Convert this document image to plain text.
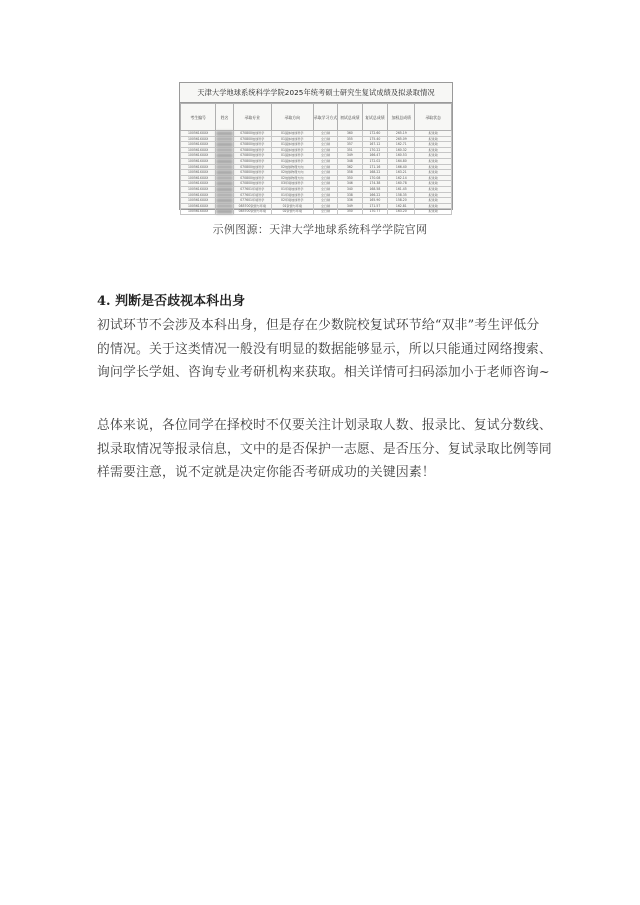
天津大学地球系统科学学院2025年统考硕士研究生复试成绩及拟录取情况
考生编号	姓名	录取专业	录取方向	录取学习方式	初试总成绩	复试总成绩	加权总成绩	录取状态
100561XXXX		070800地球科学	01固体地球科学	全日制	360	172.60	265.19	拟录取
100561XXXX		070800地球科学	01固体地球科学	全日制	355	175.40	265.09	拟录取
100561XXXX		070800地球科学	01固体地球科学	全日制	357	167.12	162.71	拟录取
100561XXXX		070800地球科学	01固体地球科学	全日制	351	170.22	160.32	拟录取
100561XXXX		070800地球科学	01固体地球科学	全日制	349	166.47	160.53	拟录取
100561XXXX		070800地球科学	01固体地球科学	全日制	348	172.02	164.80	拟录取
100561XXXX		070800地球科学	02地球物理方向	全日制	362	171.16	166.40	拟录取
100561XXXX		070800地球科学	02地球物理方向	全日制	358	168.22	163.21	拟录取
100561XXXX		070800地球科学	02地球物理方向	全日制	350	170.08	162.14	拟录取
100561XXXX		070800地球科学	03环境地球科学	全日制	346	174.38	160.78	拟录取
100561XXXX		077601环境科学	01环境地球科学	全日制	340	168.58	161.45	拟录取
100561XXXX		077601环境科学	01环境地球科学	全日制	338	166.22	158.35	拟录取
100561XXXX		077601环境科学	02环境地球科学	全日制	336	165.90	158.20	拟录取
100561XXXX		085700资源与环境	01资源与环境	全日制	349	171.57	162.81	拟录取
100561XXXX		085700资源与环境	02资源与环境	全日制	350	170.77	163.20	拟录取
示例图源：天津大学地球系统科学学院官网
4. 判断是否歧视本科出身
初试环节不会涉及本科出身，但是存在少数院校复试环节给“双非”考生评低分
的情况。关于这类情况一般没有明显的数据能够显示，所以只能通过网络搜索、
询问学长学姐、咨询专业考研机构来获取。相关详情可扫码添加小于老师咨询~
总体来说，各位同学在择校时不仅要关注计划录取人数、报录比、复试分数线、
拟录取情况等报录信息，文中的是否保护一志愿、是否压分、复试录取比例等同
样需要注意，说不定就是决定你能否考研成功的关键因素！
